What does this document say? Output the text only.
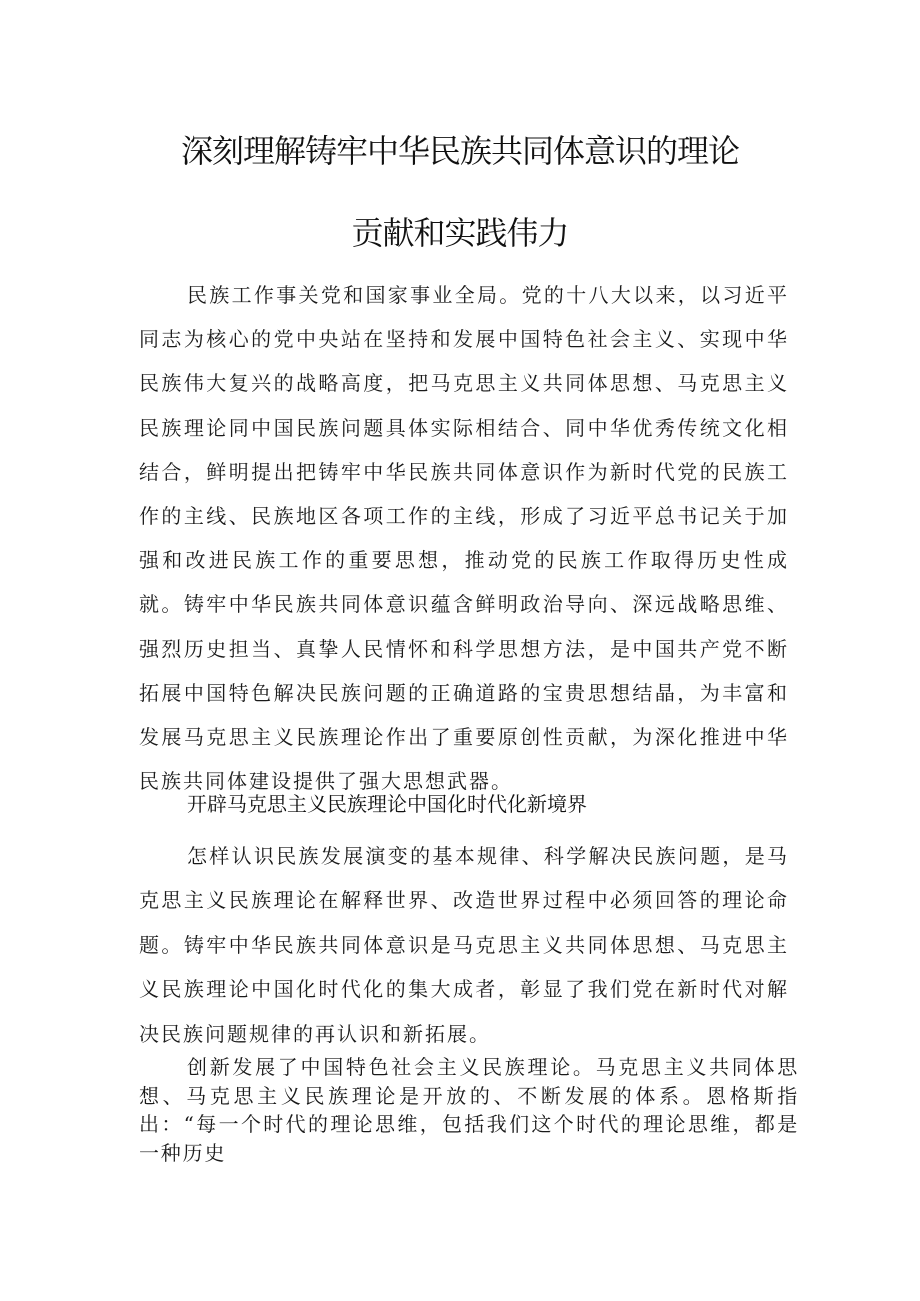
深刻理解铸牢中华民族共同体意识的理论
贡献和实践伟力

民族工作事关党和国家事业全局。党的十八大以来，以习近平同志为核心的党中央站在坚持和发展中国特色社会主义、实现中华民族伟大复兴的战略高度，把马克思主义共同体思想、马克思主义民族理论同中国民族问题具体实际相结合、同中华优秀传统文化相结合，鲜明提出把铸牢中华民族共同体意识作为新时代党的民族工作的主线、民族地区各项工作的主线，形成了习近平总书记关于加强和改进民族工作的重要思想，推动党的民族工作取得历史性成就。铸牢中华民族共同体意识蕴含鲜明政治导向、深远战略思维、强烈历史担当、真挚人民情怀和科学思想方法，是中国共产党不断拓展中国特色解决民族问题的正确道路的宝贵思想结晶，为丰富和发展马克思主义民族理论作出了重要原创性贡献，为深化推进中华民族共同体建设提供了强大思想武器。

开辟马克思主义民族理论中国化时代化新境界

怎样认识民族发展演变的基本规律、科学解决民族问题，是马克思主义民族理论在解释世界、改造世界过程中必须回答的理论命题。铸牢中华民族共同体意识是马克思主义共同体思想、马克思主义民族理论中国化时代化的集大成者，彰显了我们党在新时代对解决民族问题规律的再认识和新拓展。

创新发展了中国特色社会主义民族理论。马克思主义共同体思想、马克思主义民族理论是开放的、不断发展的体系。恩格斯指出：“每一个时代的理论思维，包括我们这个时代的理论思维，都是一种历史
